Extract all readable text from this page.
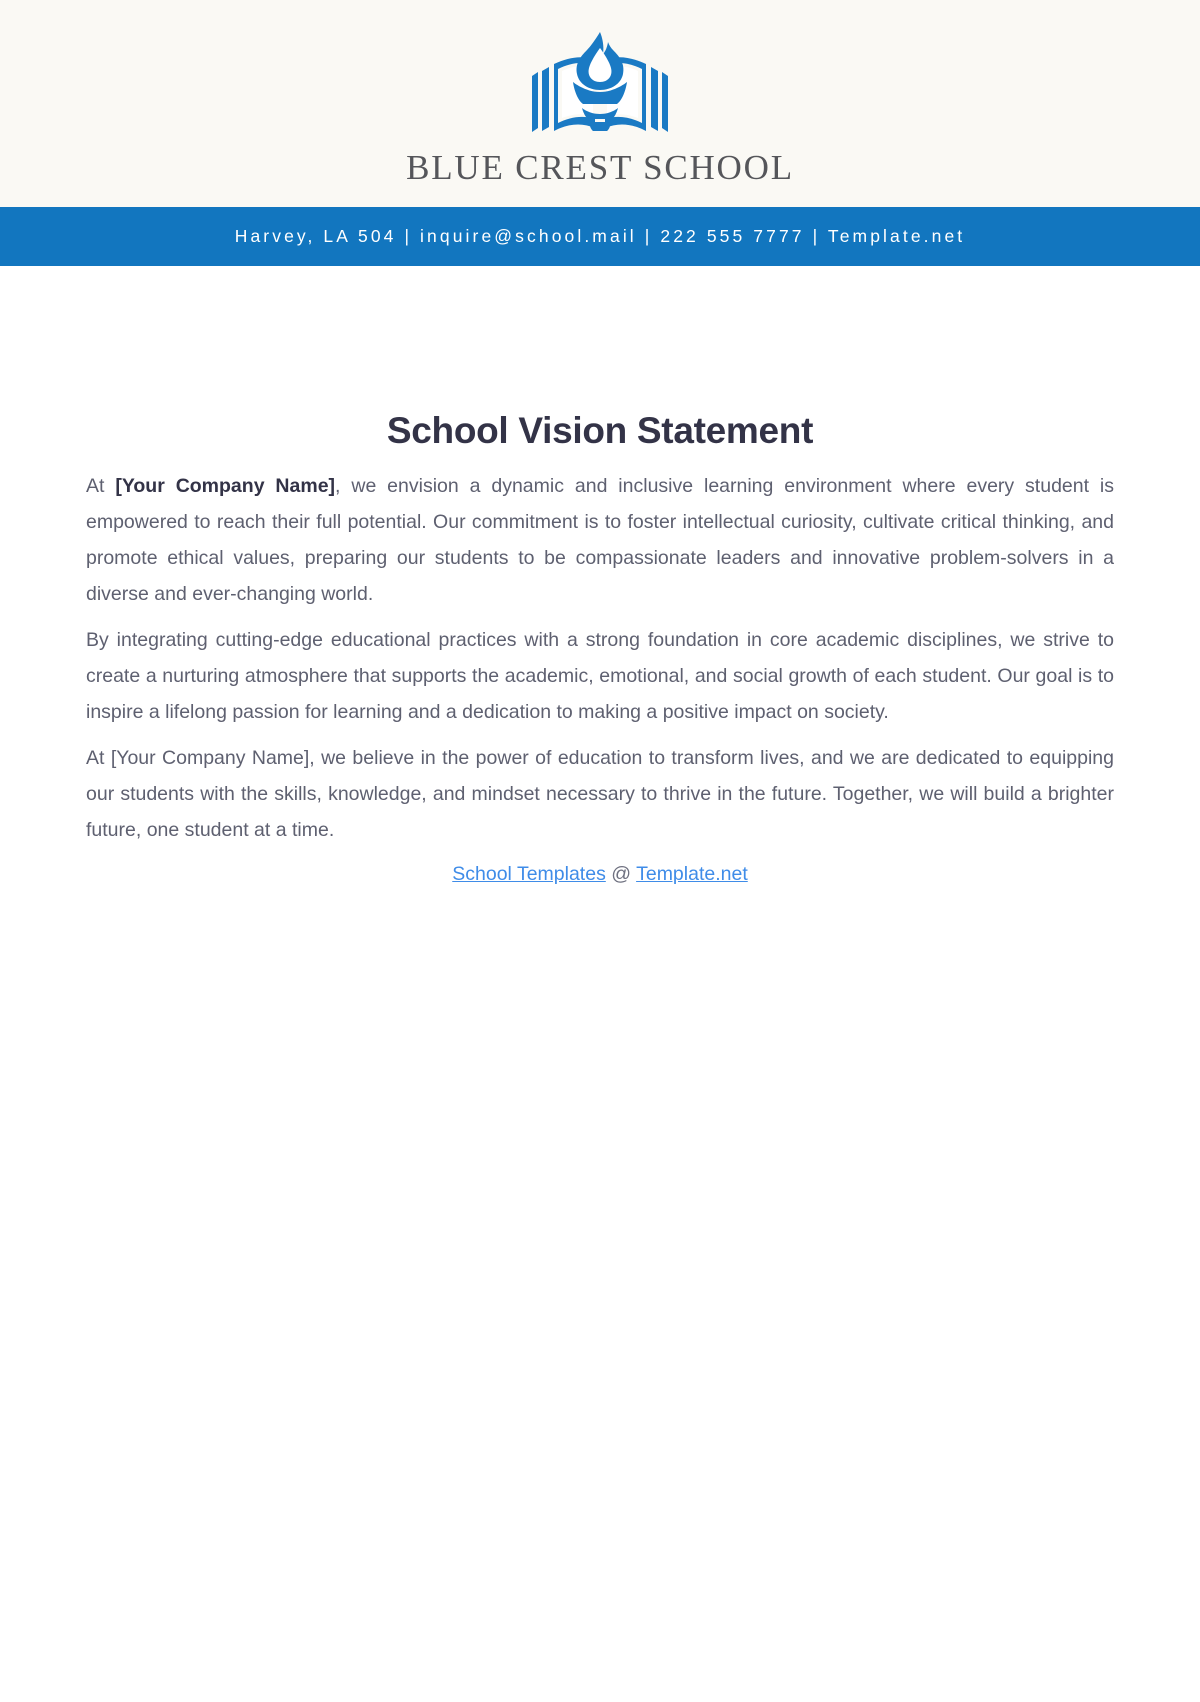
BLUE CREST SCHOOL
Harvey, LA 504 | inquire@school.mail | 222 555 7777 | Template.net
School Vision Statement

At [Your Company Name], we envision a dynamic and inclusive learning environment where every student is empowered to reach their full potential. Our commitment is to foster intellectual curiosity, cultivate critical thinking, and promote ethical values, preparing our students to be compassionate leaders and innovative problem-solvers in a diverse and ever-changing world.

By integrating cutting-edge educational practices with a strong foundation in core academic disciplines, we strive to create a nurturing atmosphere that supports the academic, emotional, and social growth of each student. Our goal is to inspire a lifelong passion for learning and a dedication to making a positive impact on society.

At [Your Company Name], we believe in the power of education to transform lives, and we are dedicated to equipping our students with the skills, knowledge, and mindset necessary to thrive in the future. Together, we will build a brighter future, one student at a time.

School Templates @ Template.net
